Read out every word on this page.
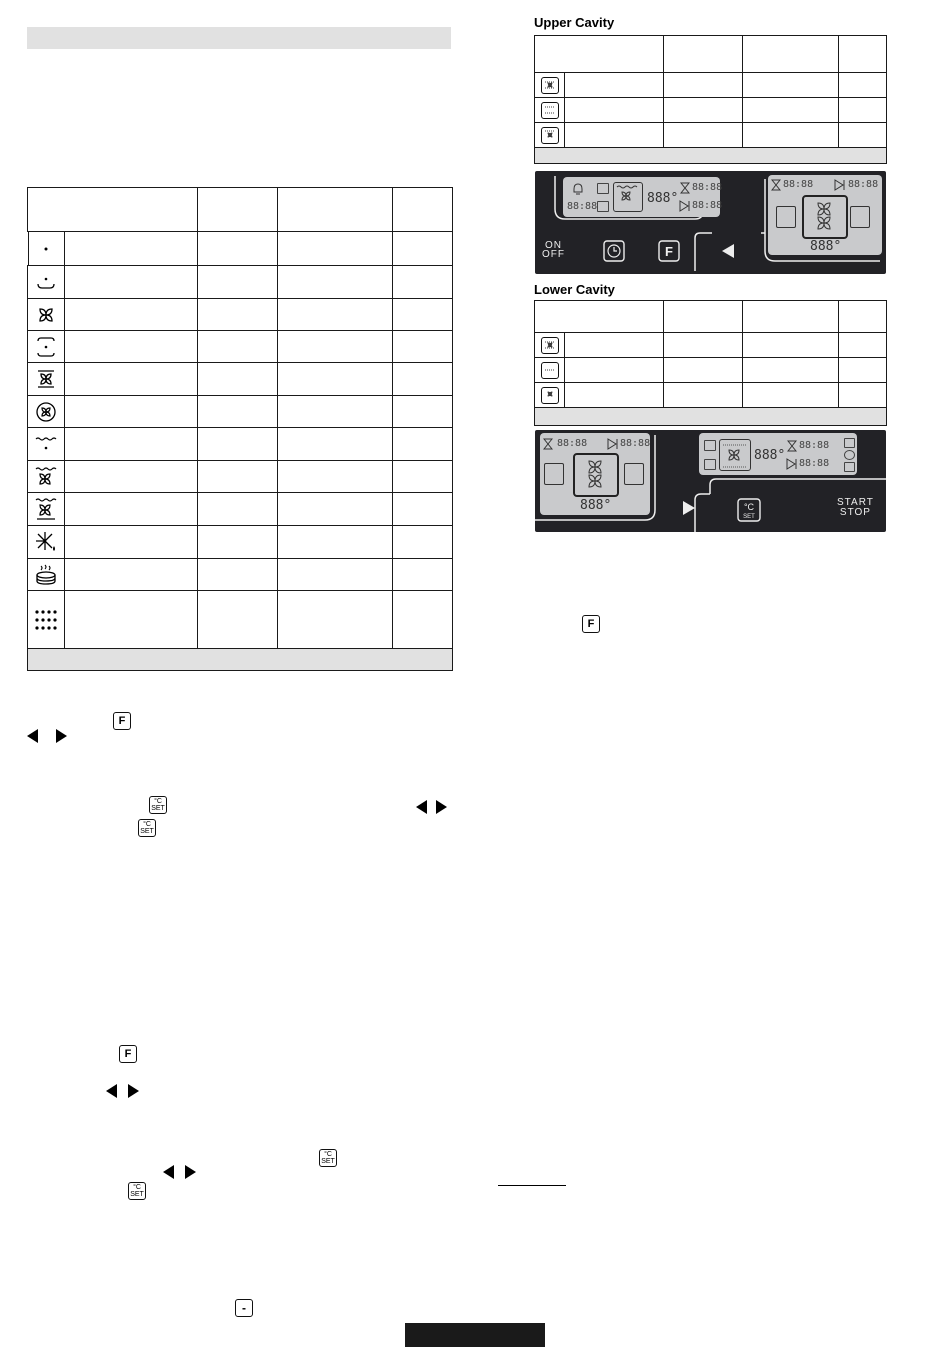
F
°C
SET
°C
SET
F
°C
SET
°C
SET
-
Upper Cavity

88:88
888°
88:88
88:88
88:88	88:88
888°
ON
OFF	F
Lower Cavity

88:88	88:88
888°
888°
88:88
88:88
°C
SET
START
STOP
F
